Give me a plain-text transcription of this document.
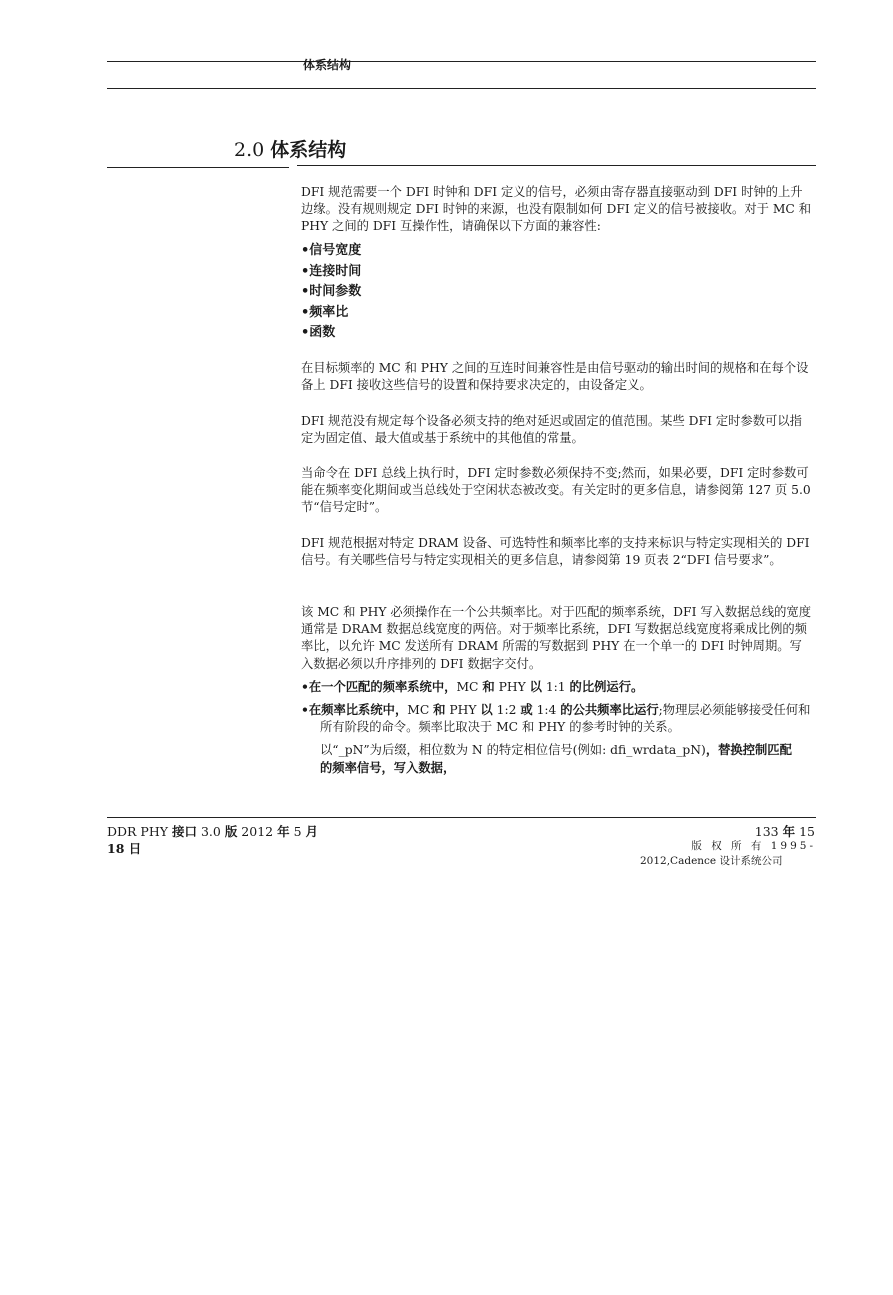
体系结构
2.0 体系结构

DFI 规范需要一个 DFI 时钟和 DFI 定义的信号，必须由寄存器直接驱动到 DFI 时钟的上升边缘。没有规则规定 DFI 时钟的来源，也没有限制如何 DFI 定义的信号被接收。对于 MC 和 PHY 之间的 DFI 互操作性，请确保以下方面的兼容性:

•信号宽度
•连接时间
•时间参数
•频率比
•函数

在目标频率的 MC 和 PHY 之间的互连时间兼容性是由信号驱动的输出时间的规格和在每个设备上 DFI 接收这些信号的设置和保持要求决定的，由设备定义。

DFI 规范没有规定每个设备必须支持的绝对延迟或固定的值范围。某些 DFI 定时参数可以指定为固定值、最大值或基于系统中的其他值的常量。

当命令在 DFI 总线上执行时，DFI 定时参数必须保持不变;然而，如果必要，DFI 定时参数可能在频率变化期间或当总线处于空闲状态被改变。有关定时的更多信息，请参阅第 127 页 5.0 节“信号定时”。

DFI 规范根据对特定 DRAM 设备、可选特性和频率比率的支持来标识与特定实现相关的 DFI 信号。有关哪些信号与特定实现相关的更多信息，请参阅第 19 页表 2“DFI 信号要求”。

该 MC 和 PHY 必须操作在一个公共频率比。对于匹配的频率系统，DFI 写入数据总线的宽度通常是 DRAM 数据总线宽度的两倍。对于频率比系统，DFI 写数据总线宽度将乘成比例的频率比，以允许 MC 发送所有 DRAM 所需的写数据到 PHY 在一个单一的 DFI 时钟周期。写入数据必须以升序排列的 DFI 数据字交付。

•在一个匹配的频率系统中，MC 和 PHY 以 1:1 的比例运行。
•在频率比系统中，MC 和 PHY 以 1:2 或 1:4 的公共频率比运行;物理层必须能够接受任何和所有阶段的命令。频率比取决于 MC 和 PHY 的参考时钟的关系。
以“_pN”为后缀，相位数为 N 的特定相位信号(例如: dfi_wrdata_pN)，替换控制匹配的频率信号，写入数据，
DDR PHY 接口 3.0 版 2012 年 5 月
18 日
133 年 15
版 权 所 有 1995-
2012,Cadence 设计系统公司
